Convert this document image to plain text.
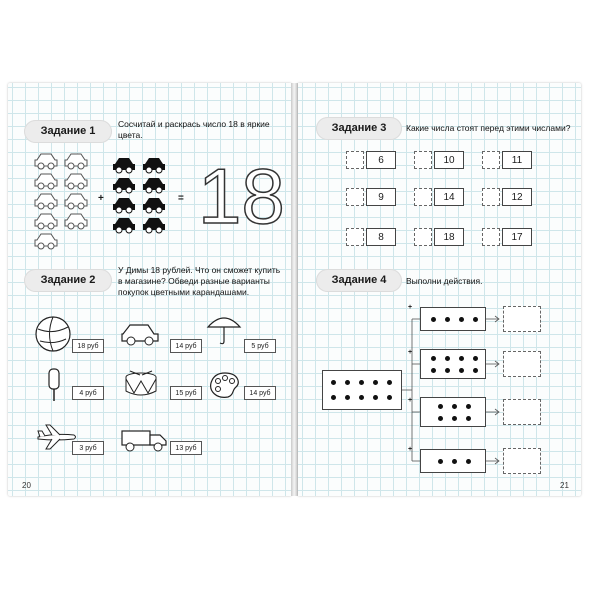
Задание 1
Сосчитай и раскрась число 18 в яркие цвета.
+	= 18
Задание 2
У Димы 18 рублей. Что он сможет купить в магазине? Обведи разные варианты покупок цветными карандашами.
18 руб	14 руб	5 руб
4 руб	15 руб	14 руб
3 руб	13 руб
20
Задание 3	Какие числа стоят перед этими числами?
6	10	11
9	14	12
8	18	17
Задание 4	Выполни действия.
+
+
+
+
21
